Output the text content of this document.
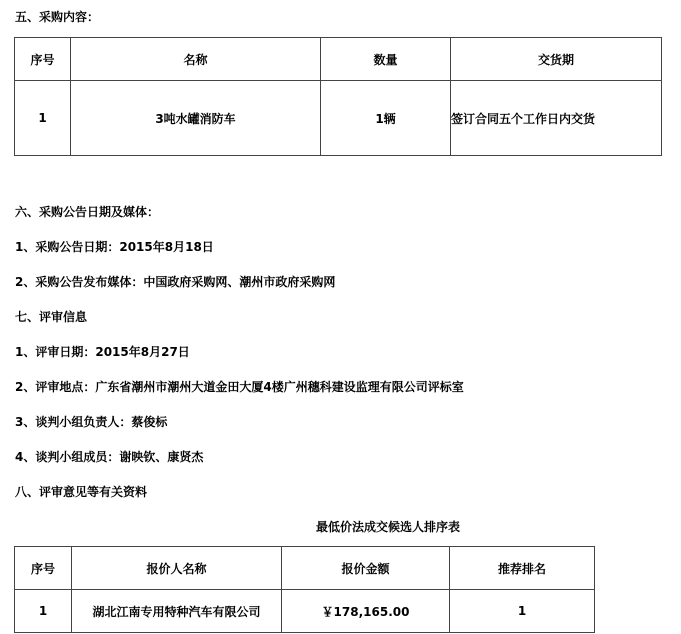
五、采购内容：
序号	名称	数量	交货期
1	3吨水罐消防车	1辆	签订合同五个工作日内交货
六、采购公告日期及媒体：
1、采购公告日期：2015年8月18日
2、采购公告发布媒体：中国政府采购网、潮州市政府采购网
七、评审信息
1、评审日期：2015年8月27日
2、评审地点：广东省潮州市潮州大道金田大厦4楼广州穗科建设监理有限公司评标室
3、谈判小组负责人：蔡俊标
4、谈判小组成员：谢映钦、康贤杰
八、评审意见等有关资料
最低价法成交候选人排序表
序号	报价人名称	报价金额	推荐排名
1	湖北江南专用特种汽车有限公司	￥178,165.00	1
